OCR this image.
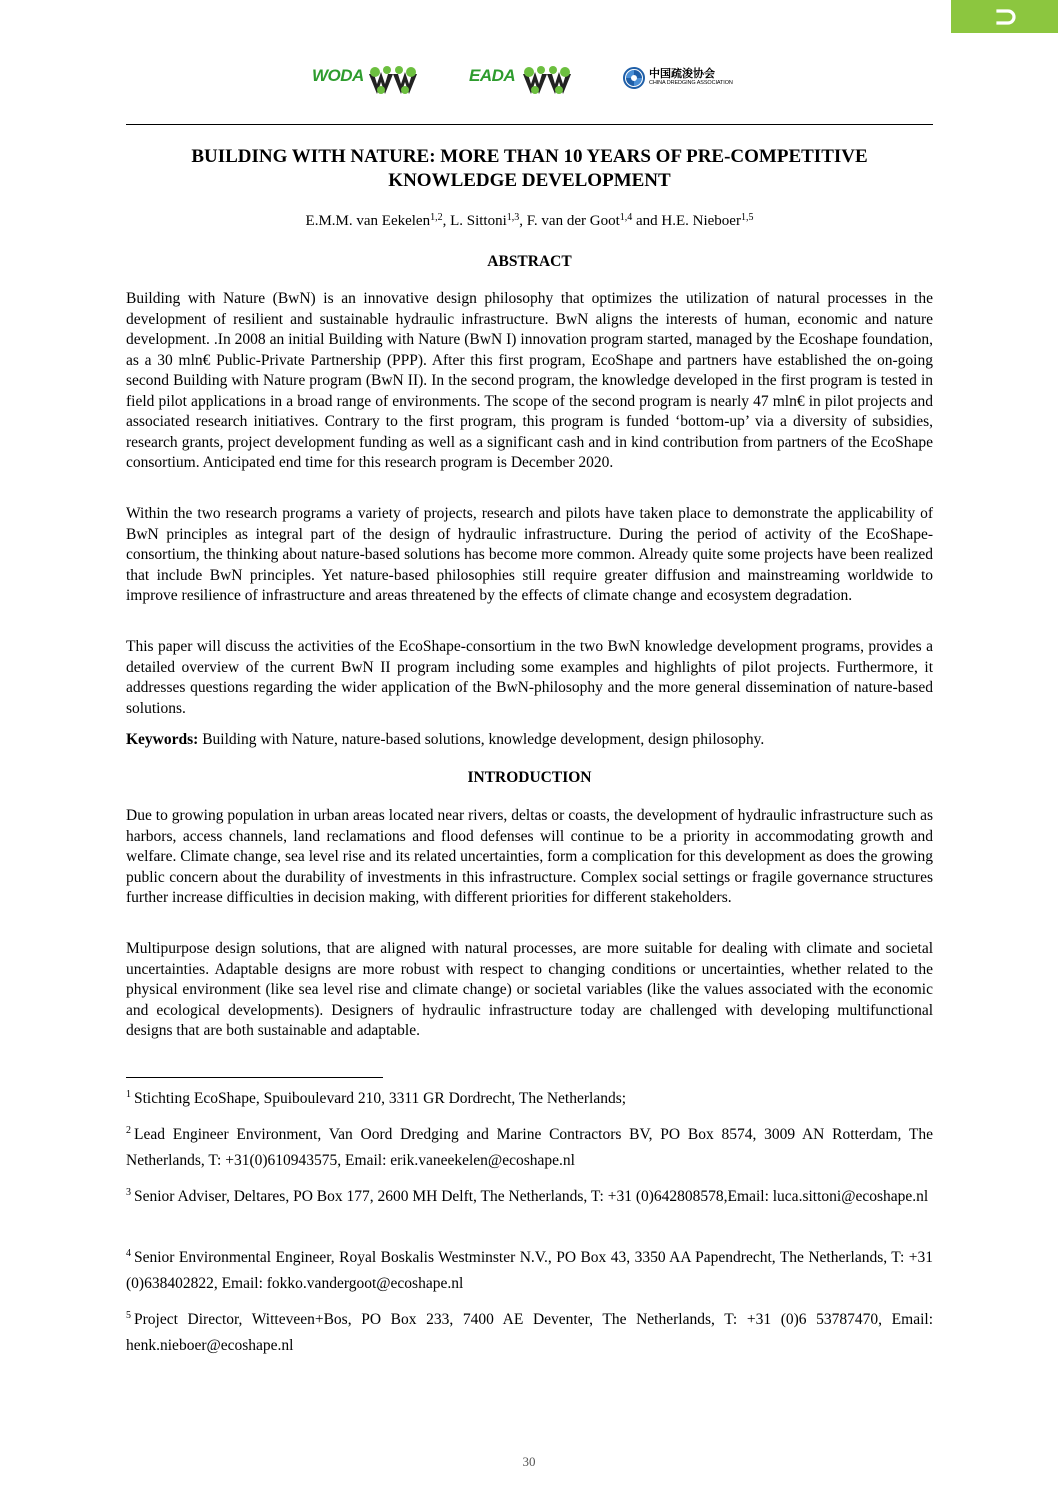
WODA	EADA	中国疏浚协会
CHINA DREDGING ASSOCIATION
BUILDING WITH NATURE: MORE THAN 10 YEARS OF PRE-COMPETITIVE
KNOWLEDGE DEVELOPMENT
E.M.M. van Eekelen$^{1,2}$, L. Sittoni$^{1,3}$, F. van der Goot$^{1,4}$ and H.E. Nieboer$^{1,5}$
ABSTRACT

Building with Nature (BwN) is an innovative design philosophy that optimizes the utilization of natural processes in the development of resilient and sustainable hydraulic infrastructure. BwN aligns the interests of human, economic and nature development. .In 2008 an initial Building with Nature (BwN I) innovation program started, managed by the Ecoshape foundation, as a 30 mln€ Public-Private Partnership (PPP). After this first program, EcoShape and partners have established the on-going second Building with Nature program (BwN II). In the second program, the knowledge developed in the first program is tested in field pilot applications in a broad range of environments. The scope of the second program is nearly 47 mln€ in pilot projects and associated research initiatives. Contrary to the first program, this program is funded ‘bottom-up’ via a diversity of subsidies, research grants, project development funding as well as a significant cash and in kind contribution from partners of the EcoShape consortium. Anticipated end time for this research program is December 2020.

Within the two research programs a variety of projects, research and pilots have taken place to demonstrate the applicability of BwN principles as integral part of the design of hydraulic infrastructure. During the period of activity of the EcoShape-consortium, the thinking about nature-based solutions has become more common. Already quite some projects have been realized that include BwN principles. Yet nature-based philosophies still require greater diffusion and mainstreaming worldwide to improve resilience of infrastructure and areas threatened by the effects of climate change and ecosystem degradation.

This paper will discuss the activities of the EcoShape-consortium in the two BwN knowledge development programs, provides a detailed overview of the current BwN II program including some examples and highlights of pilot projects. Furthermore, it addresses questions regarding the wider application of the BwN-philosophy and the more general dissemination of nature-based solutions.

Keywords: Building with Nature, nature-based solutions, knowledge development, design philosophy.
INTRODUCTION

Due to growing population in urban areas located near rivers, deltas or coasts, the development of hydraulic infrastructure such as harbors, access channels, land reclamations and flood defenses will continue to be a priority in accommodating growth and welfare. Climate change, sea level rise and its related uncertainties, form a complication for this development as does the growing public concern about the durability of investments in this infrastructure. Complex social settings or fragile governance structures further increase difficulties in decision making, with different priorities for different stakeholders.

Multipurpose design solutions, that are aligned with natural processes, are more suitable for dealing with climate and societal uncertainties. Adaptable designs are more robust with respect to changing conditions or uncertainties, whether related to the physical environment (like sea level rise and climate change) or societal variables (like the values associated with the economic and ecological developments). Designers of hydraulic infrastructure today are challenged with developing multifunctional designs that are both sustainable and adaptable.

$^1$ Stichting EcoShape, Spuiboulevard 210, 3311 GR Dordrecht, The Netherlands;

$^2$ Lead Engineer Environment, Van Oord Dredging and Marine Contractors BV, PO Box 8574, 3009 AN Rotterdam, The Netherlands, T: +31(0)610943575, Email: erik.vaneekelen@ecoshape.nl

$^3$ Senior Adviser, Deltares, PO Box 177, 2600 MH Delft, The Netherlands, T: +31 (0)642808578,Email: luca.sittoni@ecoshape.nl

$^4$ Senior Environmental Engineer, Royal Boskalis Westminster N.V., PO Box 43, 3350 AA Papendrecht, The Netherlands, T: +31 (0)638402822, Email: fokko.vandergoot@ecoshape.nl

$^5$ Project Director, Witteveen+Bos, PO Box 233, 7400 AE Deventer, The Netherlands, T: +31 (0)6 53787470, Email: henk.nieboer@ecoshape.nl

30
